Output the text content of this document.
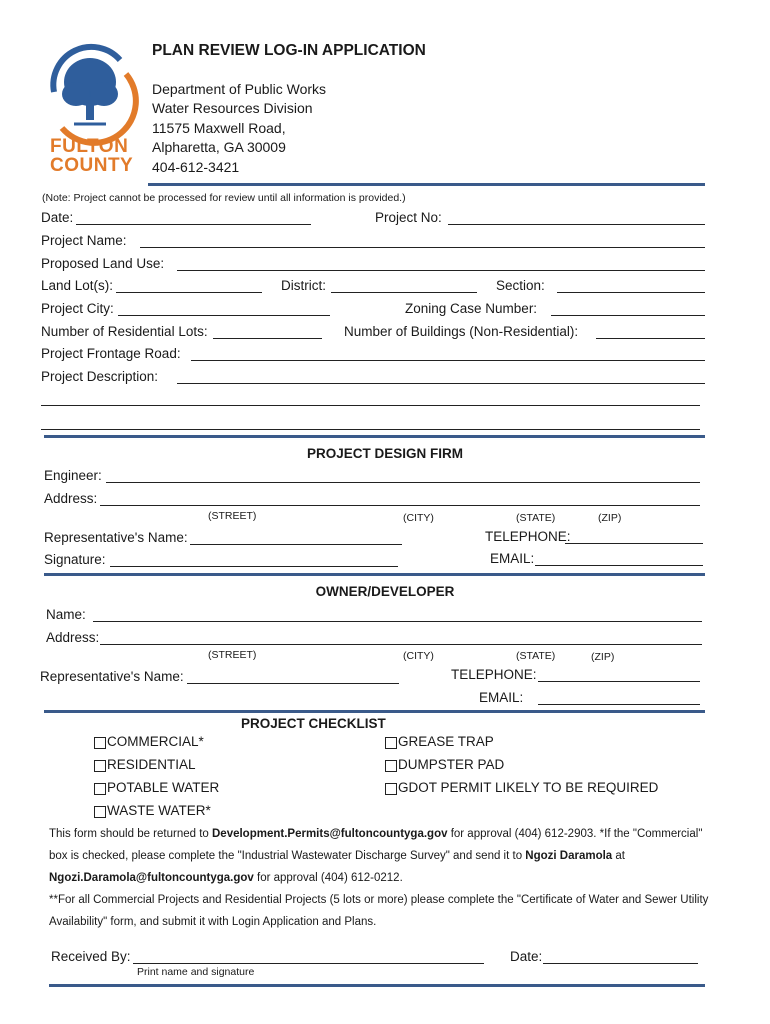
FULTON
COUNTY
PLAN REVIEW LOG-IN APPLICATION
Department of Public Works
Water Resources Division
11575 Maxwell Road,
Alpharetta, GA 30009
404-612-3421
(Note: Project cannot be processed for review until all information is provided.)
Date:	Project No:
Project Name:
Proposed Land Use:
Land Lot(s):	District:	Section:
Project City:	Zoning Case Number:
Number of Residential Lots:	Number of Buildings (Non-Residential):
Project Frontage Road:
Project Description:
PROJECT DESIGN FIRM
Engineer:
Address:
(STREET)	(CITY)	(STATE)	(ZIP)
Representative's Name:	TELEPHONE:
Signature:	EMAIL:
OWNER/DEVELOPER
Name:
Address:
(STREET)	(CITY)	(STATE)	(ZIP)
Representative's Name:	TELEPHONE:
EMAIL:
PROJECT CHECKLIST
COMMERCIAL*
RESIDENTIAL
POTABLE WATER
WASTE WATER*
GREASE TRAP
DUMPSTER PAD
GDOT PERMIT LIKELY TO BE REQUIRED
This form should be returned to Development.Permits@fultoncountyga.gov for approval (404) 612-2903. *If the "Commercial"
box is checked, please complete the "Industrial Wastewater Discharge Survey" and send it to Ngozi Daramola at
Ngozi.Daramola@fultoncountyga.gov for approval (404) 612-0212.
**For all Commercial Projects and Residential Projects (5 lots or more) please complete the "Certificate of Water and Sewer Utility
Availability" form, and submit it with Login Application and Plans.
Received By:	Date:
Print name and signature
